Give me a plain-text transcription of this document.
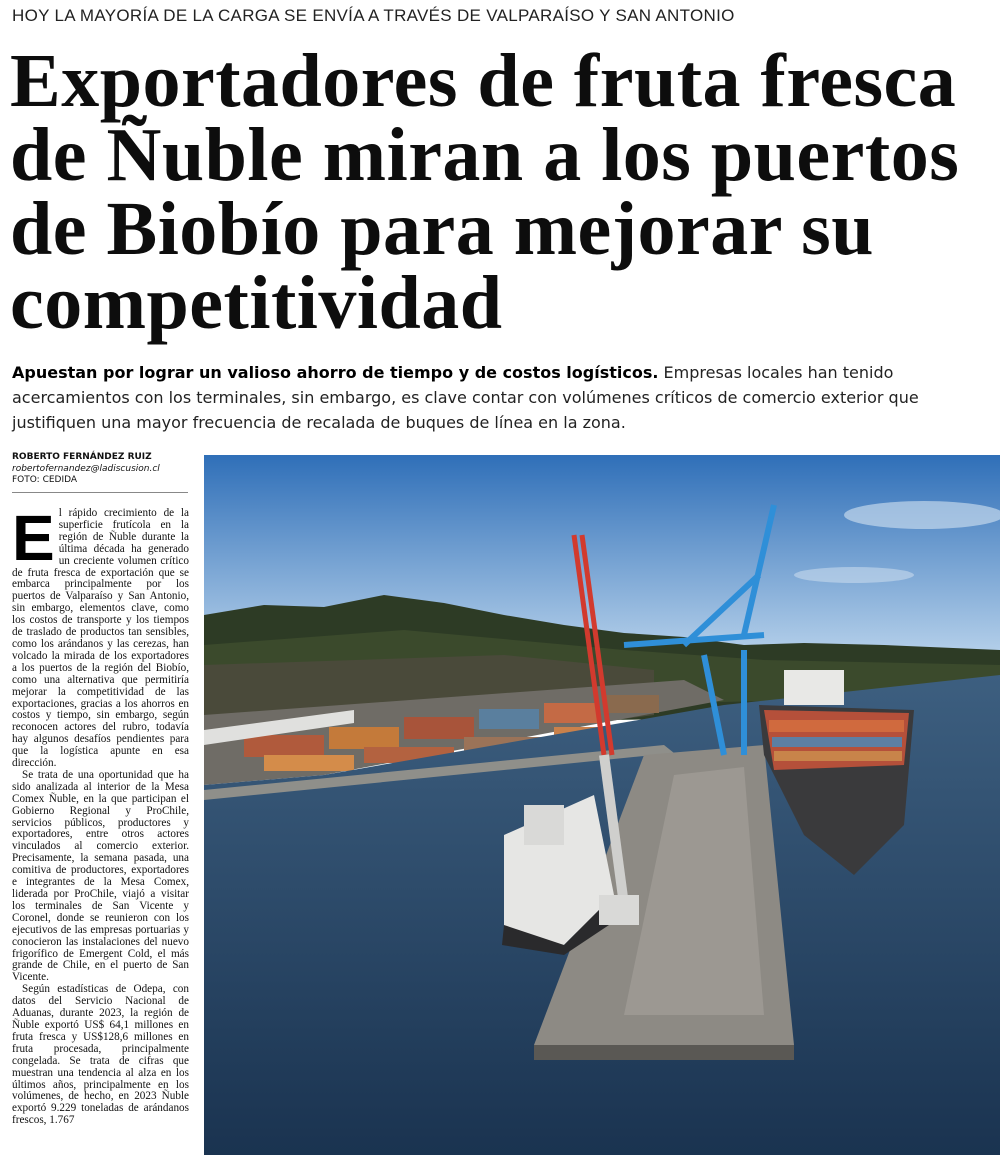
HOY LA MAYORÍA DE LA CARGA SE ENVÍA A TRAVÉS DE VALPARAÍSO Y SAN ANTONIO
Exportadores de fruta fresca de Ñuble miran a los puertos de Biobío para mejorar su competitividad

Apuestan por lograr un valioso ahorro de tiempo y de costos logísticos. Empresas locales han tenido acercamientos con los terminales, sin embargo, es clave contar con volúmenes críticos de comercio exterior que justifiquen una mayor frecuencia de recalada de buques de línea en la zona.

ROBERTO FERNÁNDEZ RUIZ
robertofernandez@ladiscusion.cl
FOTO: CEDIDA

El rápido crecimiento de la superficie frutícola en la región de Ñuble durante la última década ha generado un creciente volumen crítico de fruta fresca de exportación que se embarca principalmente por los puertos de Valparaíso y San Antonio, sin embargo, elementos clave, como los costos de transporte y los tiempos de traslado de productos tan sensibles, como los arándanos y las cerezas, han volcado la mirada de los exportadores a los puertos de la región del Biobío, como una alternativa que permitiría mejorar la competitividad de las exportaciones, gracias a los ahorros en costos y tiempo, sin embargo, según reconocen actores del rubro, todavía hay algunos desafíos pendientes para que la logística apunte en esa dirección.

Se trata de una oportunidad que ha sido analizada al interior de la Mesa Comex Ñuble, en la que participan el Gobierno Regional y ProChile, servicios públicos, productores y exportadores, entre otros actores vinculados al comercio exterior. Precisamente, la semana pasada, una comitiva de productores, exportadores e integrantes de la Mesa Comex, liderada por ProChile, viajó a visitar los terminales de San Vicente y Coronel, donde se reunieron con los ejecutivos de las empresas portuarias y conocieron las instalaciones del nuevo frigorífico de Emergent Cold, el más grande de Chile, en el puerto de San Vicente.

Según estadísticas de Odepa, con datos del Servicio Nacional de Aduanas, durante 2023, la región de Ñuble exportó US$ 64,1 millones en fruta fresca y US$128,6 millones en fruta procesada, principalmente congelada. Se trata de cifras que muestran una tendencia al alza en los últimos años, principalmente en los volúmenes, de hecho, en 2023 Ñuble exportó 9.229 toneladas de arándanos frescos, 1.767
